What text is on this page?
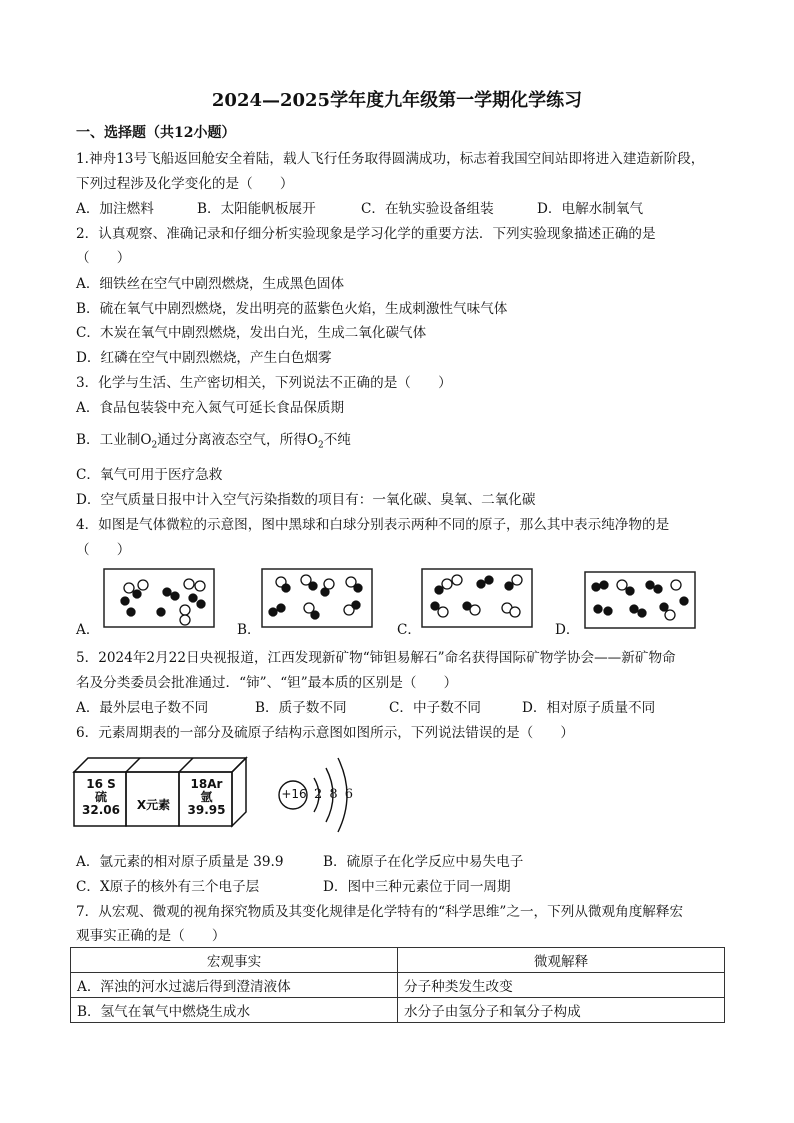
2024—2025学年度九年级第一学期化学练习
一、选择题（共12小题）
1.神舟13号飞船返回舱安全着陆，载人飞行任务取得圆满成功，标志着我国空间站即将进入建造新阶段，
下列过程涉及化学变化的是（　　）
A．加注燃料	B．太阳能帆板展开	C．在轨实验设备组装	D．电解水制氧气
2．认真观察、准确记录和仔细分析实验现象是学习化学的重要方法．下列实验现象描述正确的是
（　　）
A．细铁丝在空气中剧烈燃烧，生成黑色固体
B．硫在氧气中剧烈燃烧，发出明亮的蓝紫色火焰，生成刺激性气味气体
C．木炭在氧气中剧烈燃烧，发出白光，生成二氧化碳气体
D．红磷在空气中剧烈燃烧，产生白色烟雾
3．化学与生活、生产密切相关，下列说法不正确的是（　　）
A．食品包装袋中充入氮气可延长食品保质期
B．工业制$O_2$通过分离液态空气，所得$O_2$不纯
C．氧气可用于医疗急救
D．空气质量日报中计入空气污染指数的项目有：一氧化碳、臭氧、二氧化碳
4．如图是气体微粒的示意图，图中黑球和白球分别表示两种不同的原子，那么其中表示纯净物的是
（　　）
A．	B．	C．	D．
5．2024年2月22日央视报道，江西发现新矿物“铈钽易解石”命名获得国际矿物学协会——新矿物命
名及分类委员会批准通过．“铈”、“钽”最本质的区别是（　　）
A．最外层电子数不同	B．质子数不同	C．中子数不同	D．相对原子质量不同
6．元素周期表的一部分及硫原子结构示意图如图所示，下列说法错误的是（　　）
16 S
硫
32.06	X元素
18Ar
氩
39.95
+16 2 8 6
A．氩元素的相对原子质量是 39.9	B．硫原子在化学反应中易失电子
C．X原子的核外有三个电子层	D．图中三种元素位于同一周期
7．从宏观、微观的视角探究物质及其变化规律是化学特有的“科学思维”之一，下列从微观角度解释宏
观事实正确的是（　　）
宏观事实	微观解释
A．浑浊的河水过滤后得到澄清液体	分子种类发生改变
B．氢气在氧气中燃烧生成水	水分子由氢分子和氧分子构成
